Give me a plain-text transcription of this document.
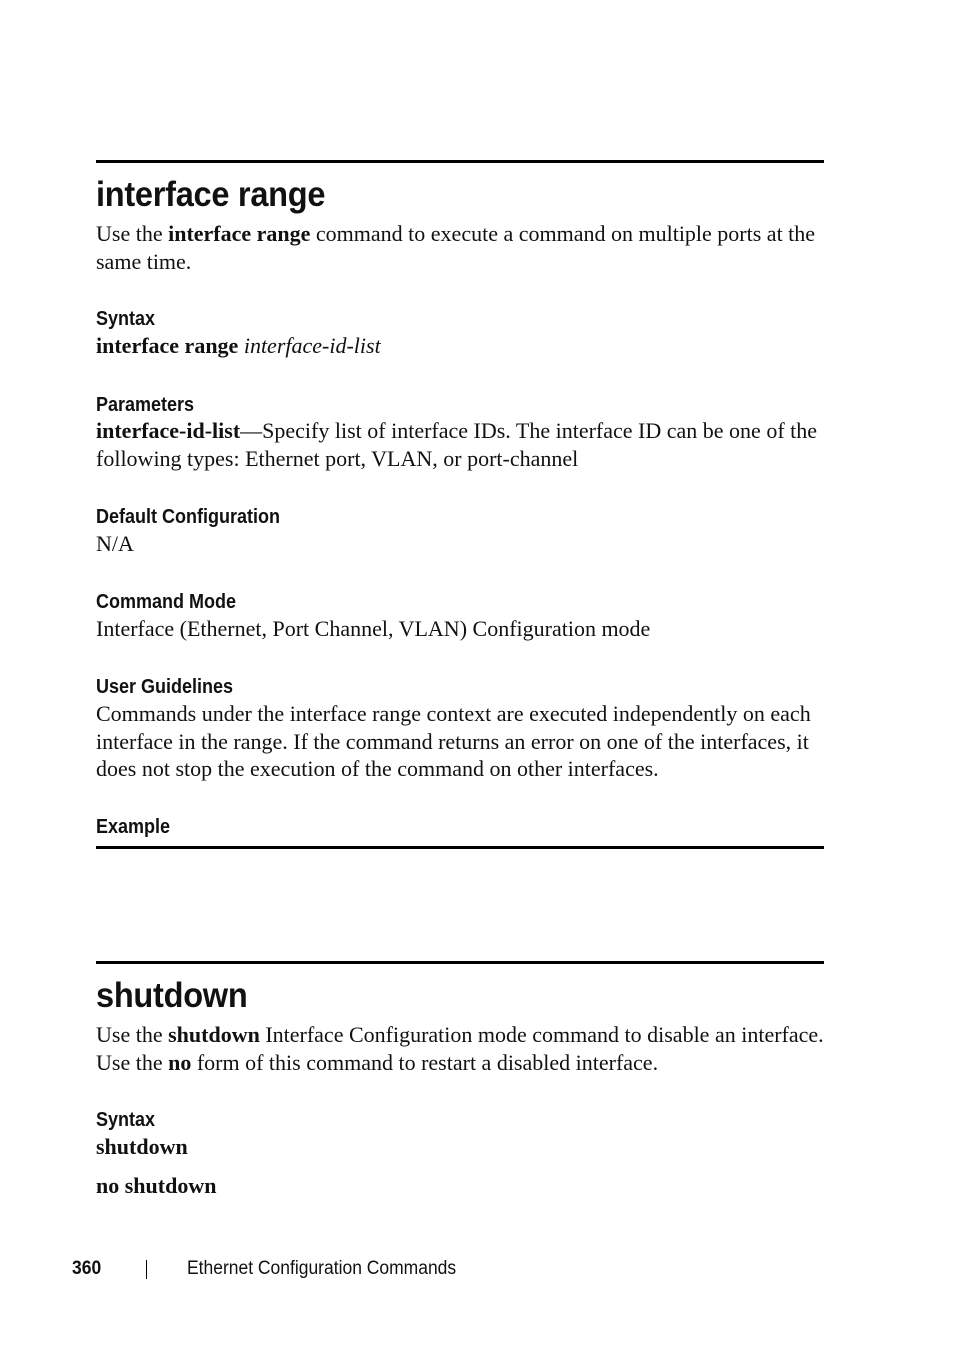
interface range

Use the interface range command to execute a command on multiple ports at the same time.

Syntax

interface range interface-id-list

Parameters

interface-id-list—Specify list of interface IDs. The interface ID can be one of the following types: Ethernet port, VLAN, or port-channel

Default Configuration

N/A

Command Mode

Interface (Ethernet, Port Channel, VLAN) Configuration mode

User Guidelines

Commands under the interface range context are executed independently on each interface in the range. If the command returns an error on one of the interfaces, it does not stop the execution of the command on other interfaces.

Example
shutdown

Use the shutdown Interface Configuration mode command to disable an interface. Use the no form of this command to restart a disabled interface.

Syntax

shutdown

no shutdown

360	Ethernet Configuration Commands
